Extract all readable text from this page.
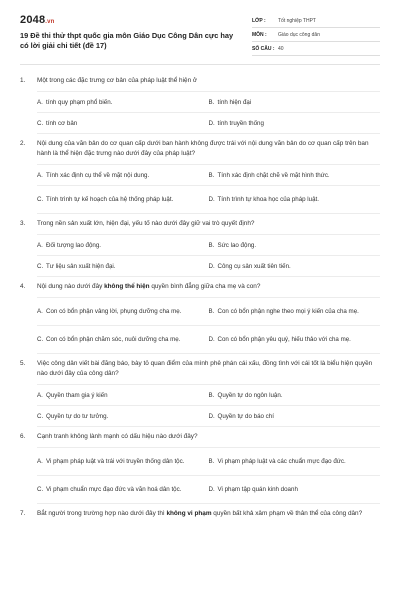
2048.vn
19 Đề thi thử thpt quốc gia môn Giáo Dục Công Dân cực hay có lời giải chi tiết (đề 17)
LỚP :	Tốt nghiệp THPT
MÔN :	Giáo dục công dân
SỐ CÂU : 40
1.	Một trong các đặc trưng cơ bản của pháp luật thể hiện ở
A. tính quy phạm phổ biến.	B. tính hiện đại
C. tính cơ bản	D. tính truyền thống
2.	Nội dung của văn bản do cơ quan cấp dưới ban hành không được trái với nội dung văn bản do cơ quan cấp trên ban hành là thể hiện đặc trưng nào dưới đây của pháp luật?
A. Tính xác định cụ thể về mặt nội dung.	B. Tính xác định chặt chẽ về mặt hình thức.
C. Tính trình tự kế hoạch của hệ thống pháp luật.	D. Tính trình tự khoa học của pháp luật.
3.	Trong nền sản xuất lớn, hiện đại, yếu tố nào dưới đây giữ vai trò quyết định?
A. Đối tượng lao động.	B. Sức lao động.
C. Tư liệu sản xuất hiện đại.	D. Công cụ sản xuất tiên tiến.
4.	Nội dung nào dưới đây không thể hiện quyền bình đẳng giữa cha mẹ và con?
A. Con có bổn phận vâng lời, phụng dưỡng cha mẹ.	B. Con có bổn phận nghe theo mọi ý kiến của cha mẹ.
C. Con có bổn phận chăm sóc, nuôi dưỡng cha mẹ.	D. Con có bổn phận yêu quý, hiếu thảo với cha mẹ.
5.	Việc công dân viết bài đăng báo, bày tỏ quan điểm của mình phê phán cái xấu, đồng tình với cái tốt là biểu hiện quyền nào dưới đây của công dân?
A. Quyền tham gia ý kiến	B. Quyền tự do ngôn luận.
C. Quyền tự do tư tưởng.	D. Quyền tự do báo chí
6.	Cạnh tranh không lành mạnh có dấu hiệu nào dưới đây?
A. Vi phạm pháp luật và trái với truyền thống dân tộc.	B. Vi phạm pháp luật và các chuẩn mực đạo đức.
C. Vi phạm chuẩn mực đạo đức và văn hoá dân tộc.	D. Vi phạm tập quán kinh doanh
7.	Bắt người trong trường hợp nào dưới đây thì không vi phạm quyền bất khả xâm phạm về thân thể của công dân?
